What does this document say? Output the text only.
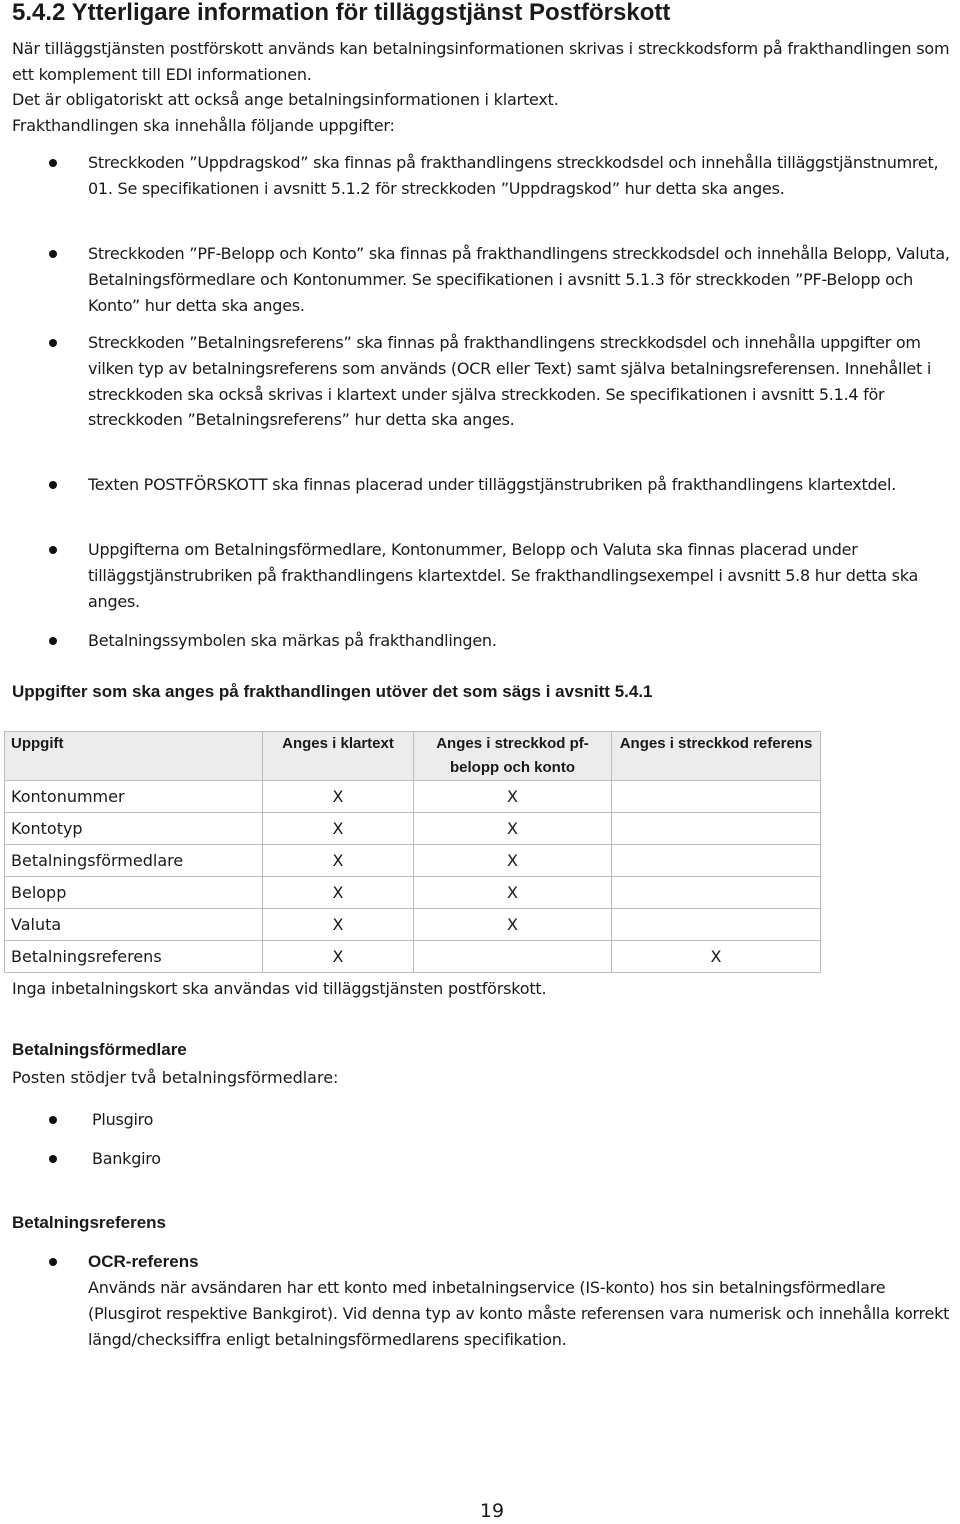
5.4.2 Ytterligare information för tilläggstjänst Postförskott

När tilläggstjänsten postförskott används kan betalningsinformationen skrivas i streckkodsform på frakthandlingen som ett komplement till EDI informationen.

Det är obligatoriskt att också ange betalningsinformationen i klartext.

Frakthandlingen ska innehålla följande uppgifter:

Streckkoden ”Uppdragskod” ska finnas på frakthandlingens streckkodsdel och innehålla tilläggstjänstnumret, 01. Se specifikationen i avsnitt 5.1.2 för streckkoden ”Uppdragskod” hur detta ska anges.

Streckkoden ”PF-Belopp och Konto” ska finnas på frakthandlingens streckkodsdel och innehålla Belopp, Valuta, Betalningsförmedlare och Kontonummer. Se specifikationen i avsnitt 5.1.3 för streckkoden ”PF-Belopp och Konto” hur detta ska anges.

Streckkoden ”Betalningsreferens” ska finnas på frakthandlingens streckkodsdel och innehålla uppgifter om vilken typ av betalningsreferens som används (OCR eller Text) samt själva betalningsreferensen. Innehållet i streckkoden ska också skrivas i klartext under själva streckkoden. Se specifikationen i avsnitt 5.1.4 för streckkoden ”Betalningsreferens” hur detta ska anges.

Texten POSTFÖRSKOTT ska finnas placerad under tilläggstjänstrubriken på frakthandlingens klartextdel.

Uppgifterna om Betalningsförmedlare, Kontonummer, Belopp och Valuta ska finnas placerad under tilläggstjänstrubriken på frakthandlingens klartextdel. Se frakthandlingsexempel i avsnitt 5.8 hur detta ska anges.

Betalningssymbolen ska märkas på frakthandlingen.

Uppgifter som ska anges på frakthandlingen utöver det som sägs i avsnitt 5.4.1

Uppgift	Anges i klartext	Anges i streckkod pf-belopp och konto	Anges i streckkod referens
Kontonummer	X	X	
Kontotyp	X	X	
Betalningsförmedlare	X	X	
Belopp	X	X	
Valuta	X	X	
Betalningsreferens	X		X

Inga inbetalningskort ska användas vid tilläggstjänsten postförskott.

Betalningsförmedlare

Posten stödjer två betalningsförmedlare:

Plusgiro

Bankgiro

Betalningsreferens

OCR-referens

Används när avsändaren har ett konto med inbetalningservice (IS-konto) hos sin betalningsförmedlare (Plusgirot respektive Bankgirot). Vid denna typ av konto måste referensen vara numerisk och innehålla korrekt längd/checksiffra enligt betalningsförmedlarens specifikation.

19
